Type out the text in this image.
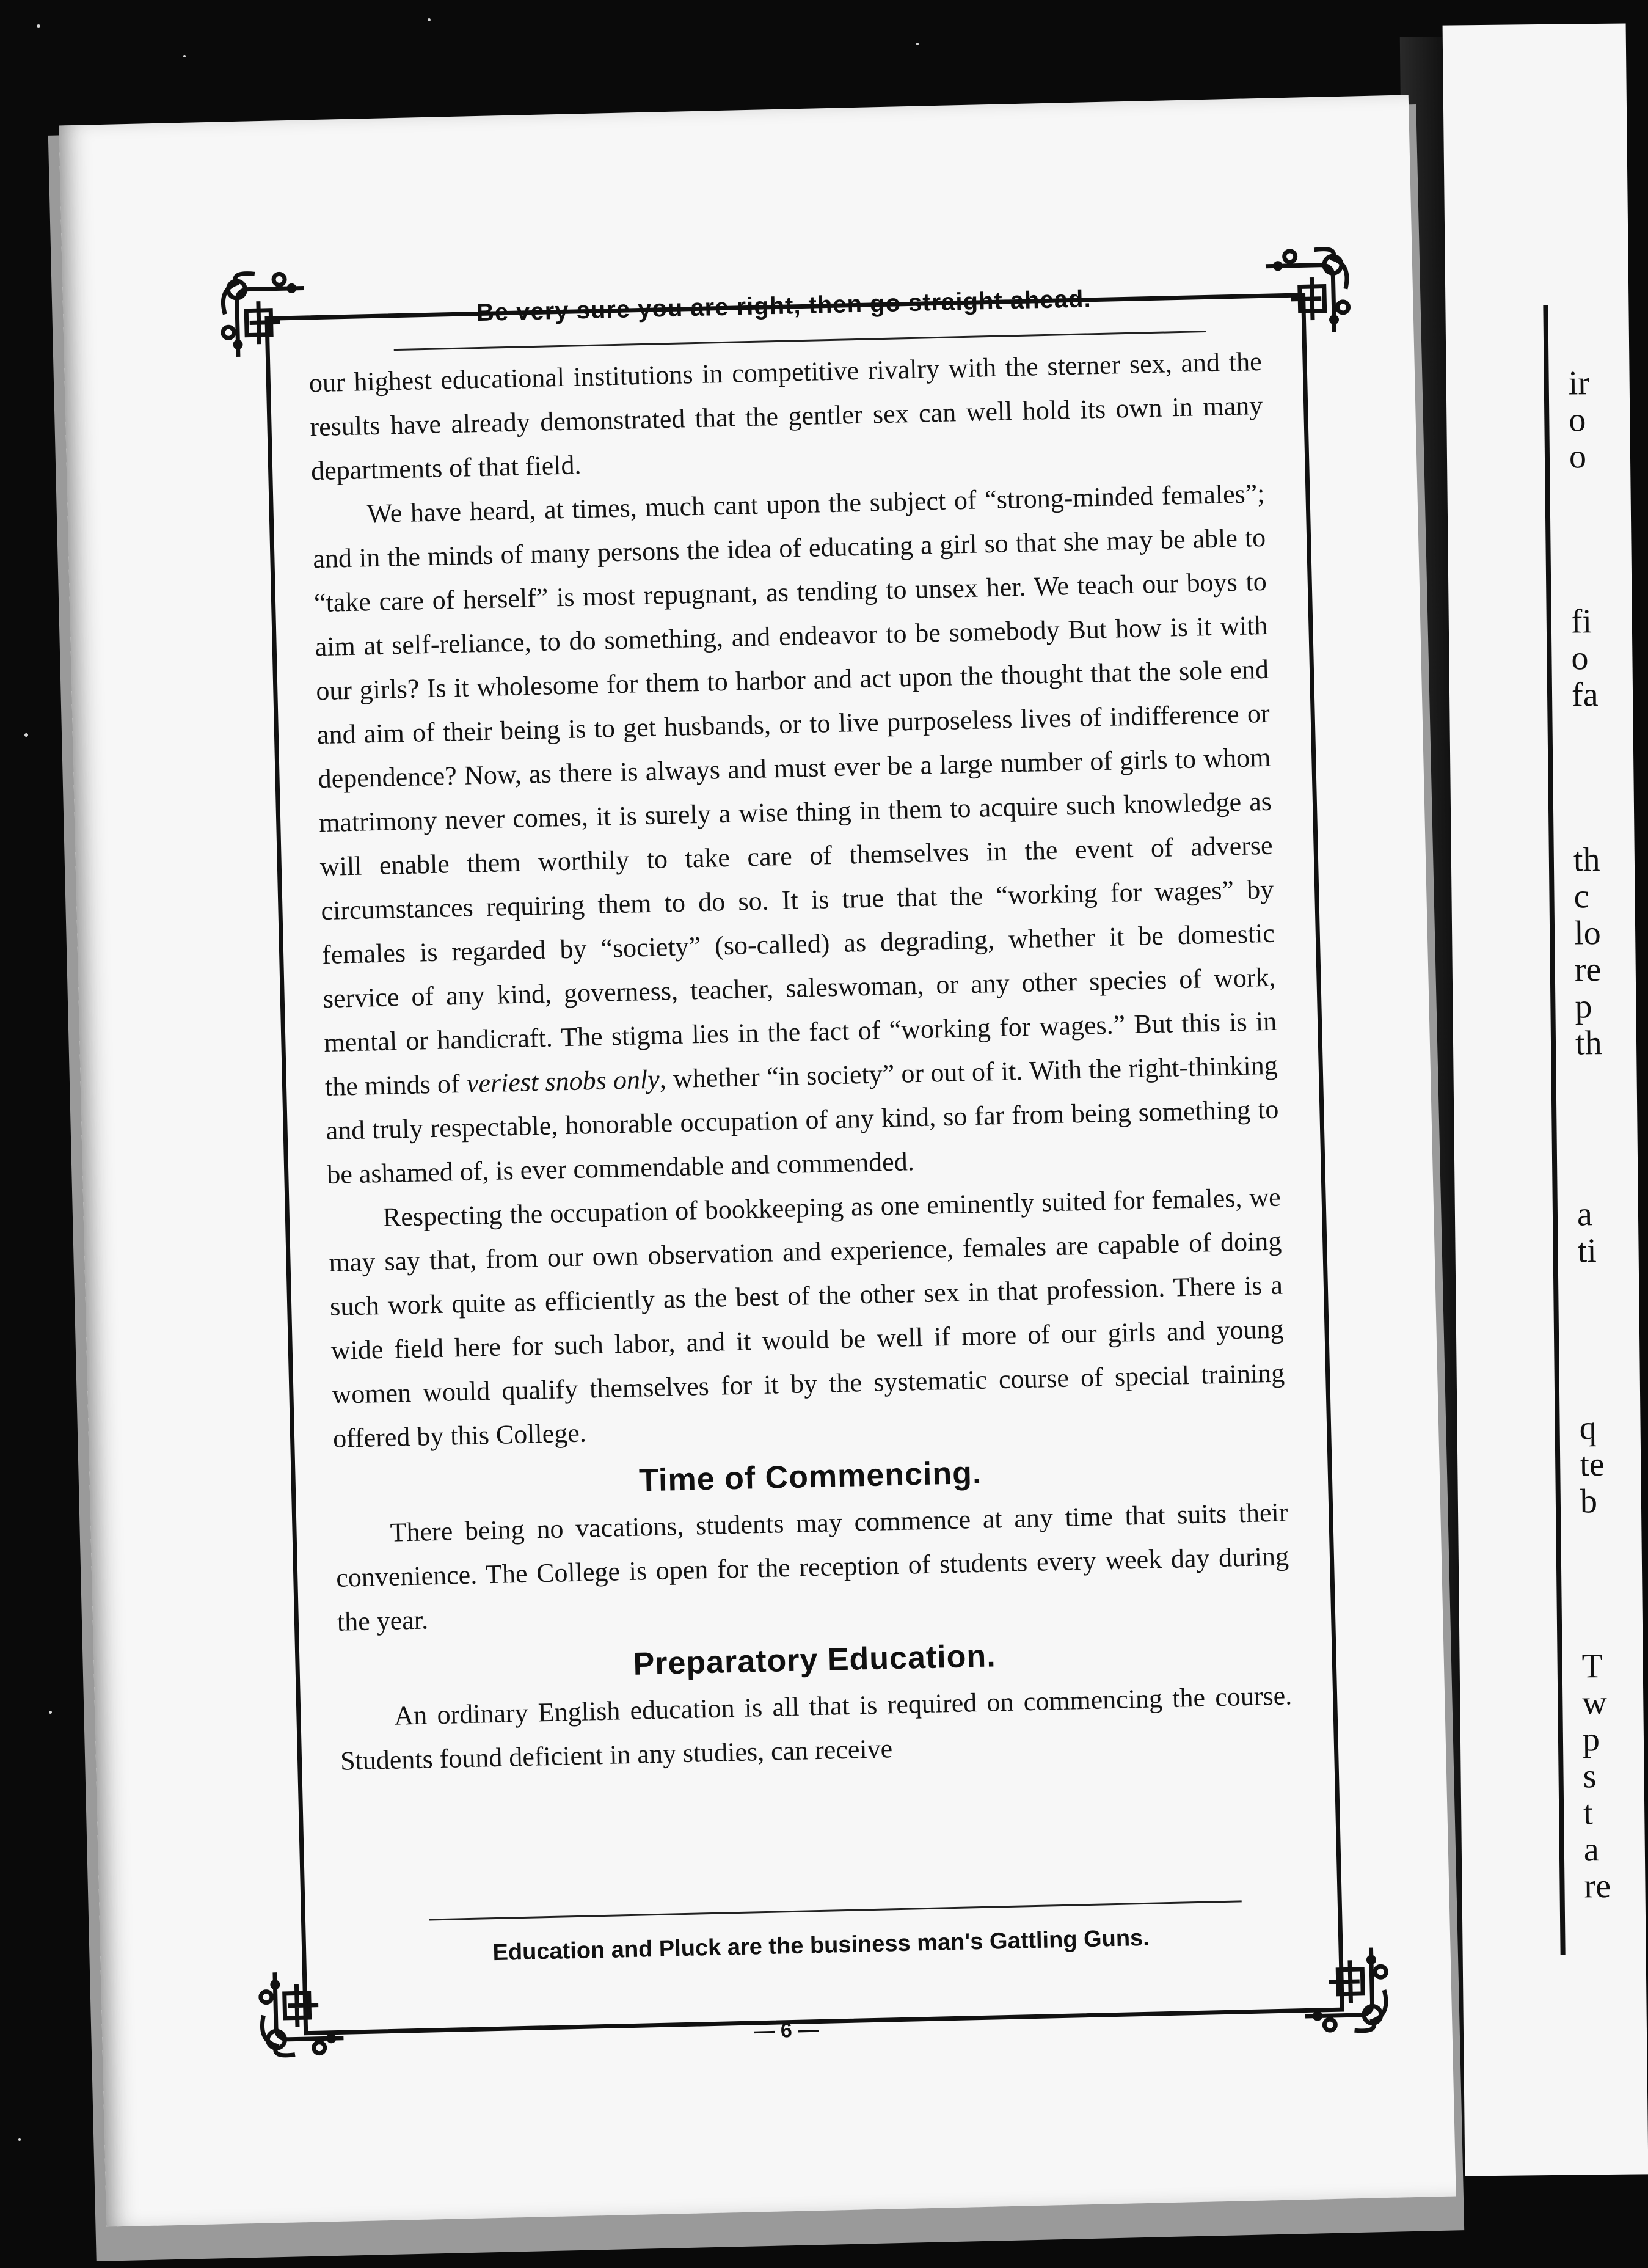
ir
o
o
fi
o
fa
th
c
lo
re
p
th
a
ti
q
te
b
T
w
p
s
t
a
re
Be very sure you are right, then go straight ahead.

our highest educational institutions in competitive rivalry with the sterner sex, and the results have already demonstrated that the gentler sex can well hold its own in many departments of that field.

We have heard, at times, much cant upon the subject of “strong-minded females”; and in the minds of many persons the idea of educating a girl so that she may be able to “take care of herself” is most repugnant, as tending to unsex her. We teach our boys to aim at self-reliance, to do something, and endeavor to be somebody But how is it with our girls? Is it wholesome for them to harbor and act upon the thought that the sole end and aim of their being is to get husbands, or to live purposeless lives of indifference or dependence? Now, as there is always and must ever be a large number of girls to whom matrimony never comes, it is surely a wise thing in them to acquire such knowledge as will enable them worthily to take care of themselves in the event of adverse circumstances requiring them to do so. It is true that the “working for wages” by females is regarded by “society” (so-called) as degrading, whether it be domestic service of any kind, governess, teacher, saleswoman, or any other species of work, mental or handicraft. The stigma lies in the fact of “working for wages.” But this is in the minds of veriest snobs only, whether “in society” or out of it. With the right-thinking and truly respectable, honorable occupation of any kind, so far from being something to be ashamed of, is ever commendable and commended.

Respecting the occupation of bookkeeping as one eminently suited for females, we may say that, from our own observation and experience, females are capable of doing such work quite as efficiently as the best of the other sex in that profession. There is a wide field here for such labor, and it would be well if more of our girls and young women would qualify themselves for it by the systematic course of special training offered by this College.

Time of Commencing.

There being no vacations, students may commence at any time that suits their convenience. The College is open for the reception of students every week day during the year.

Preparatory Education.

An ordinary English education is all that is required on commencing the course. Students found deficient in any studies, can receive

Education and Pluck are the business man's Gattling Guns.
— 6 —
